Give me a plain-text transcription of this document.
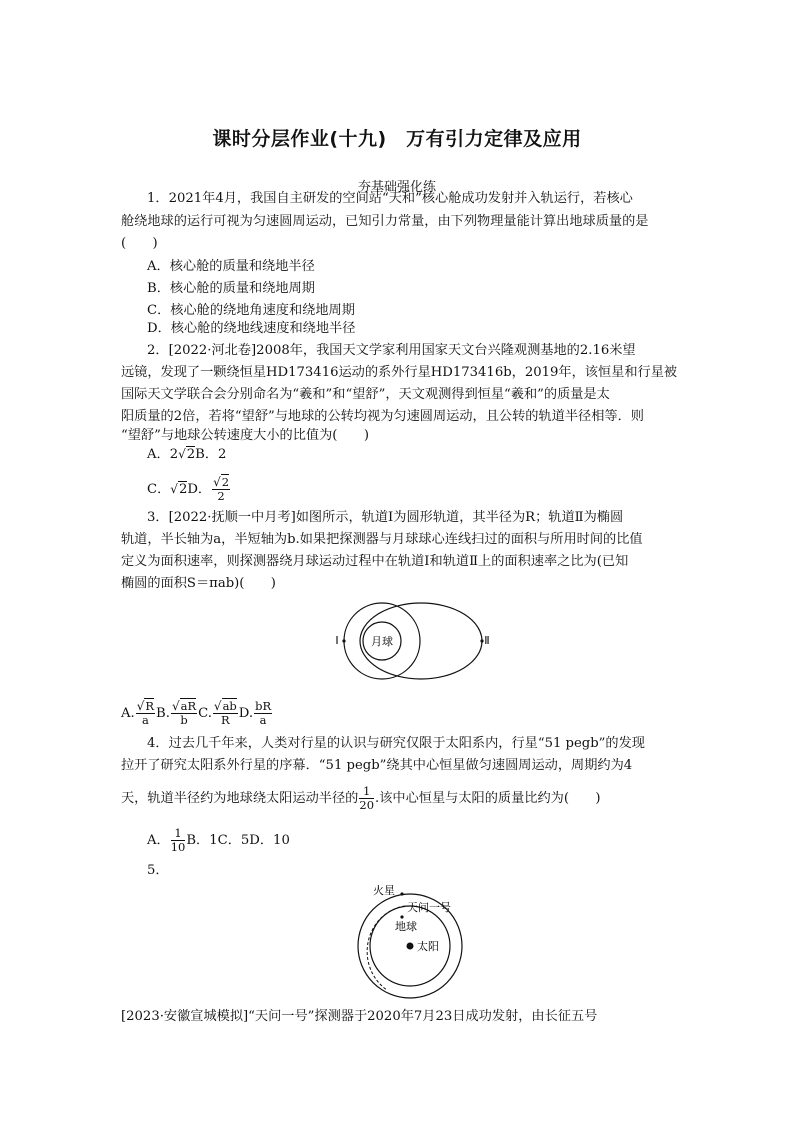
课时分层作业(十九)　万有引力定律及应用
夯基础强化练
1．2021年4月，我国自主研发的空间站“天和”核心舱成功发射并入轨运行，若核心
舱绕地球的运行可视为匀速圆周运动，已知引力常量，由下列物理量能计算出地球质量的是
(　　)
A．核心舱的质量和绕地半径
B．核心舱的质量和绕地周期
C．核心舱的绕地角速度和绕地周期
D．核心舱的绕地线速度和绕地半径
2．[2022·河北卷]2008年，我国天文学家利用国家天文台兴隆观测基地的2.16米望
远镜，发现了一颗绕恒星HD173416运动的系外行星HD173416b，2019年，该恒星和行星被
国际天文学联合会分别命名为“羲和”和“望舒”，天文观测得到恒星“羲和”的质量是太
阳质量的2倍，若将“望舒”与地球的公转均视为匀速圆周运动，且公转的轨道半径相等．则
“望舒”与地球公转速度大小的比值为(　　)
A．2√2B．2
C．√2D． $\frac{√2}{2}$
3．[2022·抚顺一中月考]如图所示，轨道Ⅰ为圆形轨道，其半径为R；轨道Ⅱ为椭圆
轨道，半长轴为a，半短轴为b.如果把探测器与月球球心连线扫过的面积与所用时间的比值
定义为面积速率，则探测器绕月球运动过程中在轨道Ⅰ和轨道Ⅱ上的面积速率之比为(已知
椭圆的面积S＝πab)(　　)
月球
Ⅰ	Ⅱ
A. $\frac{√R}{a} B$. $\frac{√aR}{b} C$. $\frac{√ab}{R} D$. $\frac{bR}{a}$
4．过去几千年来，人类对行星的认识与研究仅限于太阳系内，行星“51 pegb”的发现
拉开了研究太阳系外行星的序幕．“51 pegb”绕其中心恒星做匀速圆周运动，周期约为4
天，轨道半径约为地球绕太阳运动半径的 $\frac{1}{20}$ .该中心恒星与太阳的质量比约为(　　)
A． $\frac{1}{10}$ B．1C．5D．10
5．
太阳
地球
火星
天问一号
[2023·安徽宣城模拟]“天问一号”探测器于2020年7月23日成功发射，由长征五号
